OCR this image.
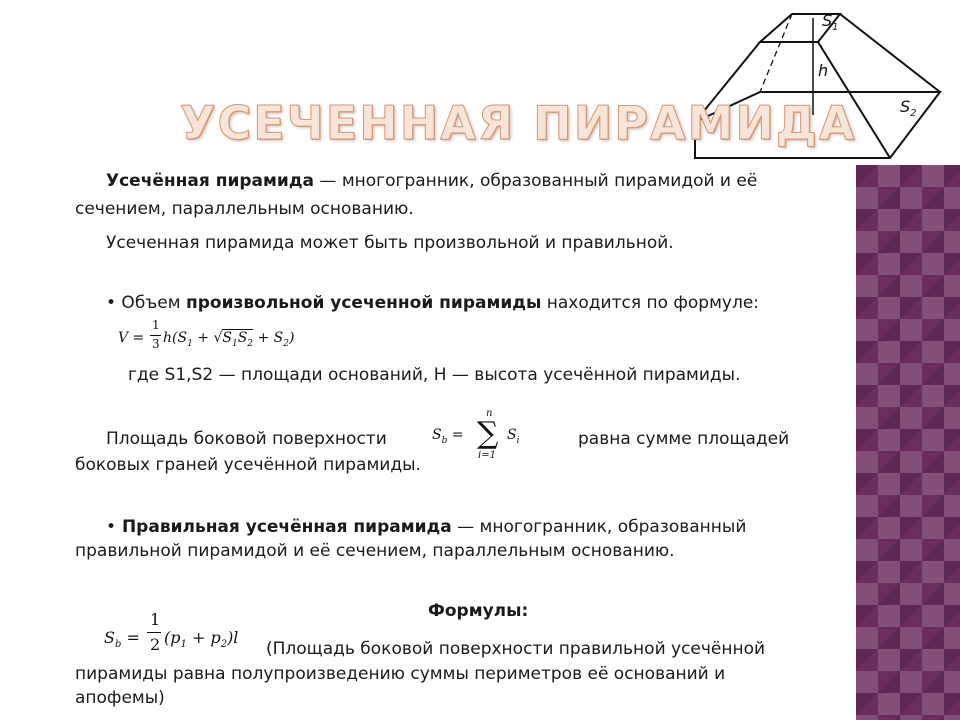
$S_1$
h
$S_2$
УСЕЧЕННАЯ ПИРАМИДА
Усечённая пирамида — многогранник, образованный пирамидой и её
сечением, параллельным основанию.
Усеченная пирамида может быть произвольной и правильной.
• Объем произвольной усеченной пирамиды находится по формуле:
V =
1
3 $h(S_1 + √S_1S_2 + S_2)$
где S1,S2 — площади оснований, H — высота усечённой пирамиды.
Площадь боковой поверхности	$S_b$ =
n
∑
i=1
$S_i$	равна сумме площадей
боковых граней усечённой пирамиды.
• Правильная усечённая пирамида — многогранник, образованный
правильной пирамидой и её сечением, параллельным основанию.
Формулы:
$S_b$ =
1
2 $(p_1 + p_2)l$
(Площадь боковой поверхности правильной усечённой
пирамиды равна полупроизведению суммы периметров её оснований и
апофемы)
